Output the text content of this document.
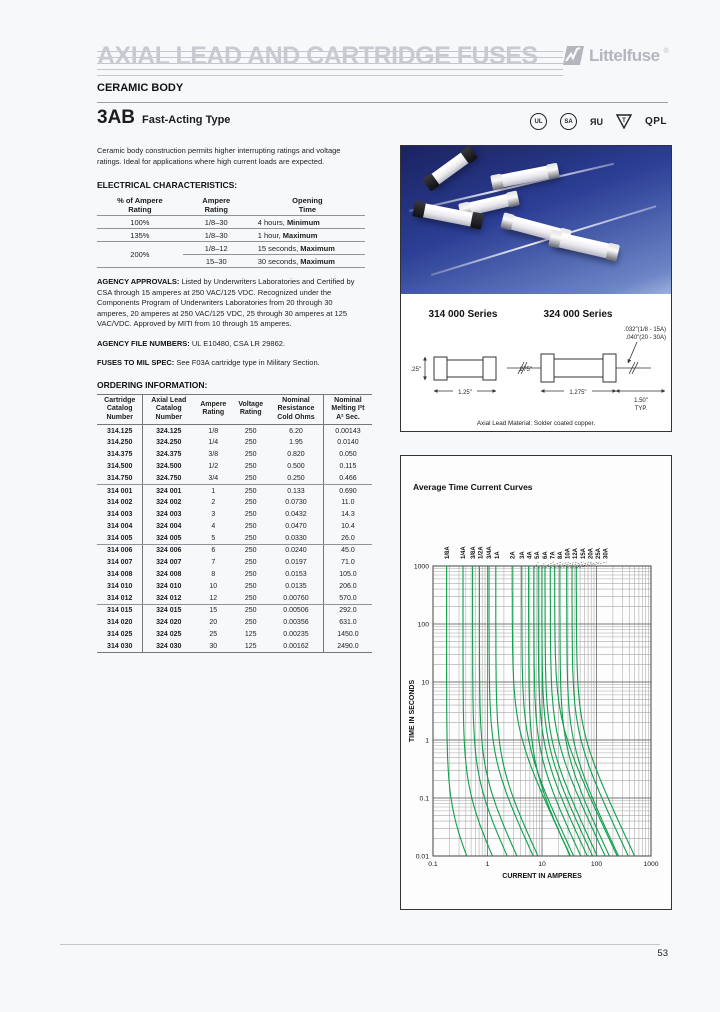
AXIAL LEAD AND CARTRIDGE FUSES	Littelfuse ®
CERAMIC BODY
3AB Fast-Acting Type	UL	SA ЯU	T QPL

Ceramic body construction permits higher interrupting ratings and voltage ratings. Ideal for applications where high current loads are expected.

ELECTRICAL CHARACTERISTICS:
% of Ampere
Rating

Ampere
Rating

Opening
Time

100%	1/8–30	4 hours, Minimum
135%	1/8–30	1 hour, Maximum
200%	1/8–12	15 seconds, Maximum
	15–30	30 seconds, Maximum

AGENCY APPROVALS: Listed by Underwriters Laboratories and Certified by CSA through 15 amperes at 250 VAC/125 VDC. Recognized under the Components Program of Underwriters Laboratories from 20 through 30 amperes, 20 amperes at 250 VAC/125 VDC, 25 through 30 amperes at 125 VAC/VDC. Approved by MITI from 10 through 15 amperes.

AGENCY FILE NUMBERS: UL E10480, CSA LR 29862.

FUSES TO MIL SPEC: See F03A cartridge type in Military Section.

ORDERING INFORMATION:
Cartridge
Catalog
Number

Axial Lead
Catalog
Number

Ampere
Rating

Voltage
Rating

Nominal
Resistance
Cold Ohms

Nominal
Melting I²t
A² Sec.

314.125	324.125	1/8	250	6.20	0.00143
314.250	324.250	1/4	250	1.95	0.0140
314.375	324.375	3/8	250	0.820	0.050
314.500	324.500	1/2	250	0.500	0.115
314.750	324.750	3/4	250	0.250	0.466
314 001	324 001	1	250	0.133	0.690
314 002	324 002	2	250	0.0730	11.0
314 003	324 003	3	250	0.0432	14.3
314 004	324 004	4	250	0.0470	10.4
314 005	324 005	5	250	0.0330	26.0
314 006	324 006	6	250	0.0240	45.0
314 007	324 007	7	250	0.0197	71.0
314 008	324 008	8	250	0.0153	105.0
314 010	324 010	10	250	0.0135	206.0
314 012	324 012	12	250	0.00760	570.0
314 015	324 015	15	250	0.00506	292.0
314 020	324 020	20	250	0.00356	631.0
314 025	324 025	25	125	0.00235	1450.0
314 030	324 030	30	125	0.00162	2490.0
314 000 Series	324 000 Series
.032"(1/8 - 15A)
.040"(20 - 30A)
.25"
1.25"
.275"
1.275"
1.50"
TYP.
Axial Lead Material: Solder coated copper.
Average Time Current Curves
1/8A 1/4A 3/8A 1/2A 3/4A 1A 2A 3A 4A 5A 6A 7A 8A 10A 12A 15A 20A 25A 30A
1000
100
10
1
0.1
0.01
0.1	1	10	100	1000
TIME IN SECONDS
CURRENT IN AMPERES
53
